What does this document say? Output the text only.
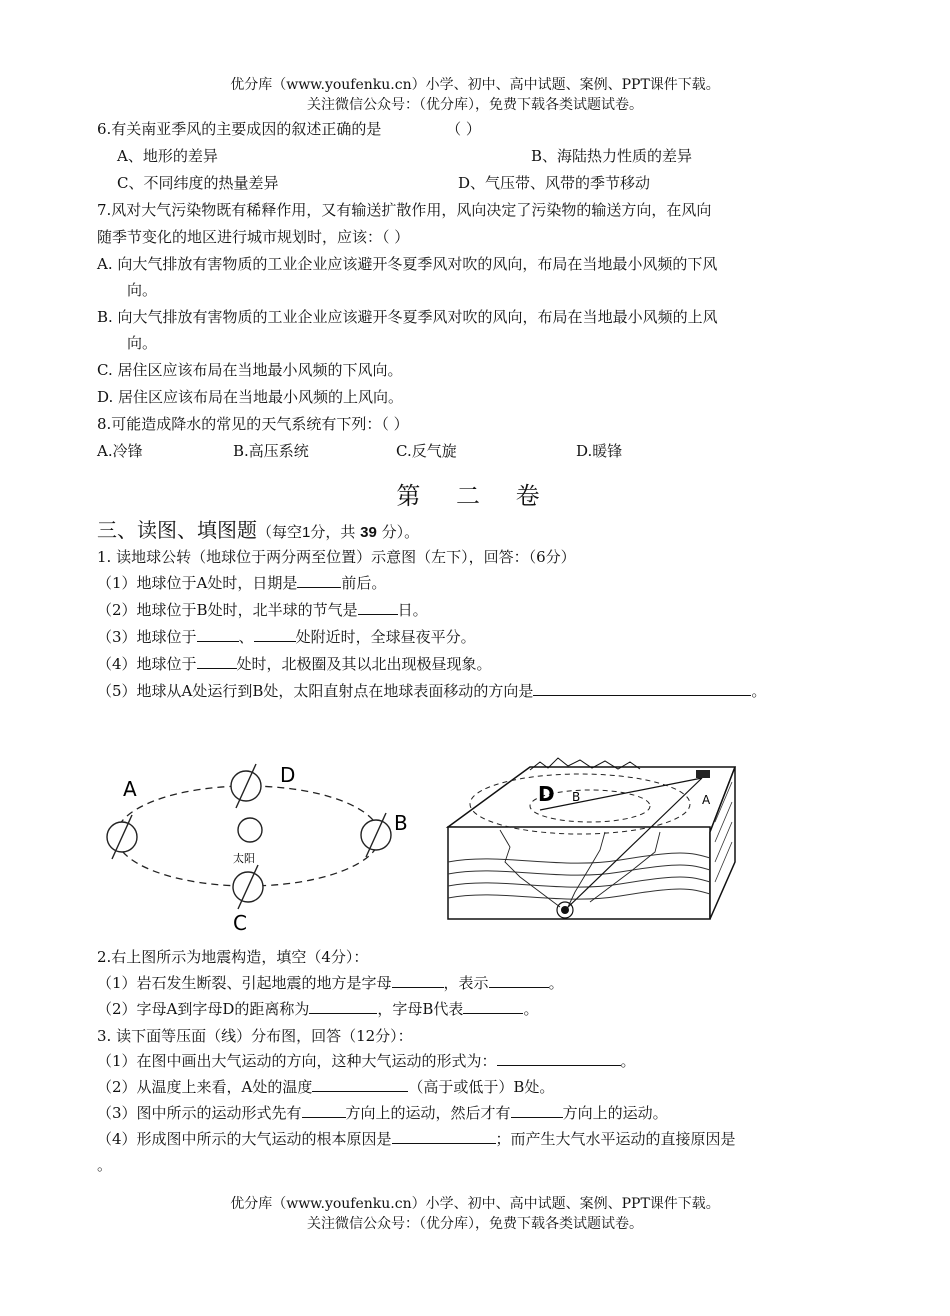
优分库（www.youfenku.cn）小学、初中、高中试题、案例、PPT课件下载。
关注微信公众号：（优分库），免费下载各类试题试卷。
6.有关南亚季风的主要成因的叙述正确的是	（ ）
A、地形的差异	B、海陆热力性质的差异
C、不同纬度的热量差异	D、气压带、风带的季节移动
7.风对大气污染物既有稀释作用，又有输送扩散作用，风向决定了污染物的输送方向，在风向
随季节变化的地区进行城市规划时，应该：（ ）
A. 向大气排放有害物质的工业企业应该避开冬夏季风对吹的风向，布局在当地最小风频的下风
向。
B. 向大气排放有害物质的工业企业应该避开冬夏季风对吹的风向，布局在当地最小风频的上风
向。
C. 居住区应该布局在当地最小风频的下风向。
D. 居住区应该布局在当地最小风频的上风向。
8.可能造成降水的常见的天气系统有下列：（ ）
A.冷锋	B.高压系统	C.反气旋	D.暖锋
第 二 卷
三、读图、填图题（每空1分，共 39 分）。
1. 读地球公转（地球位于两分两至位置）示意图（左下），回答：（6分）
（1）地球位于A处时，日期是	前后。
（2）地球位于B处时，北半球的节气是	日。
（3）地球位于	、	处附近时，全球昼夜平分。
（4）地球位于	处时，北极圈及其以北出现极昼现象。
（5）地球从A处运行到B处，太阳直射点在地球表面移动的方向是	。
太阳
D
A
B
C
D B	A
2.右上图所示为地震构造，填空（4分）：
（1）岩石发生断裂、引起地震的地方是字母	，表示	。
（2）字母A到字母D的距离称为	，字母B代表	。
3. 读下面等压面（线）分布图，回答（12分）：
（1）在图中画出大气运动的方向，这种大气运动的形式为：	。
（2）从温度上来看，A处的温度	（高于或低于）B处。
（3）图中所示的运动形式先有	方向上的运动，然后才有	方向上的运动。
（4）形成图中所示的大气运动的根本原因是	；而产生大气水平运动的直接原因是
。
优分库（www.youfenku.cn）小学、初中、高中试题、案例、PPT课件下载。
关注微信公众号：（优分库），免费下载各类试题试卷。
